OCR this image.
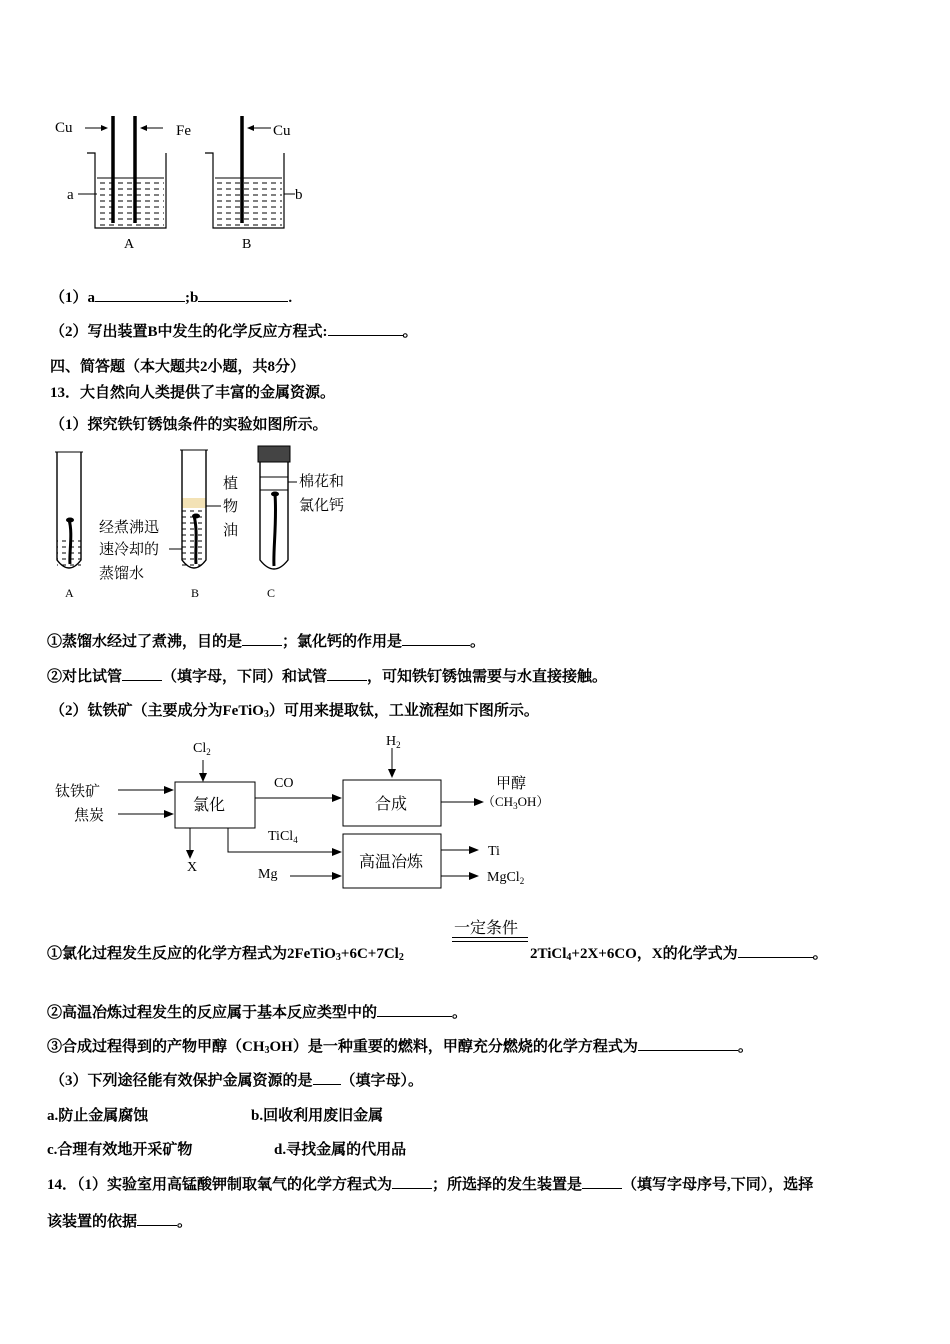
Cu	Fe	Cu
a	b
A	B
（1）a	;b	.
（2）写出装置B中发生的化学反应方程式:	。
四、简答题（本大题共2小题，共8分）
13．大自然向人类提供了丰富的金属资源。
（1）探究铁钉锈蚀条件的实验如图所示。
经煮沸迅
速冷却的
蒸馏水
植
物
油
棉花和
氯化钙
A	B	C
①蒸馏水经过了煮沸，目的是	；氯化钙的作用是	。
②对比试管	（填字母，下同）和试管	，可知铁钉锈蚀需要与水直接接触。
（2）钛铁矿（主要成分为FeTiO$_3$）可用来提取钛，工业流程如下图所示。
$Cl_2$
$H_2$
钛铁矿
焦炭
氯化
CO
合成
甲醇
$(CH_3OH)$
TiCl$_4$
X	Mg
高温冶炼
Ti
MgCl$_2$
一定条件
①氯化过程发生反应的化学方程式为$2FeTiO_3+6C+7Cl_2$	2TiCl$_4$+2X+6CO，X的化学式为	。
②高温冶炼过程发生的反应属于基本反应类型中的	。
③合成过程得到的产物甲醇$(CH_3OH)$是一种重要的燃料，甲醇充分燃烧的化学方程式为	。
（3）下列途径能有效保护金属资源的是 （填字母）。
a.防止金属腐蚀	b.回收利用废旧金属
c.合理有效地开采矿物	d.寻找金属的代用品
14．（1）实验室用高锰酸钾制取氧气的化学方程式为	；所选择的发生装置是	（填写字母序号,下同），选择
该装置的依据	。
